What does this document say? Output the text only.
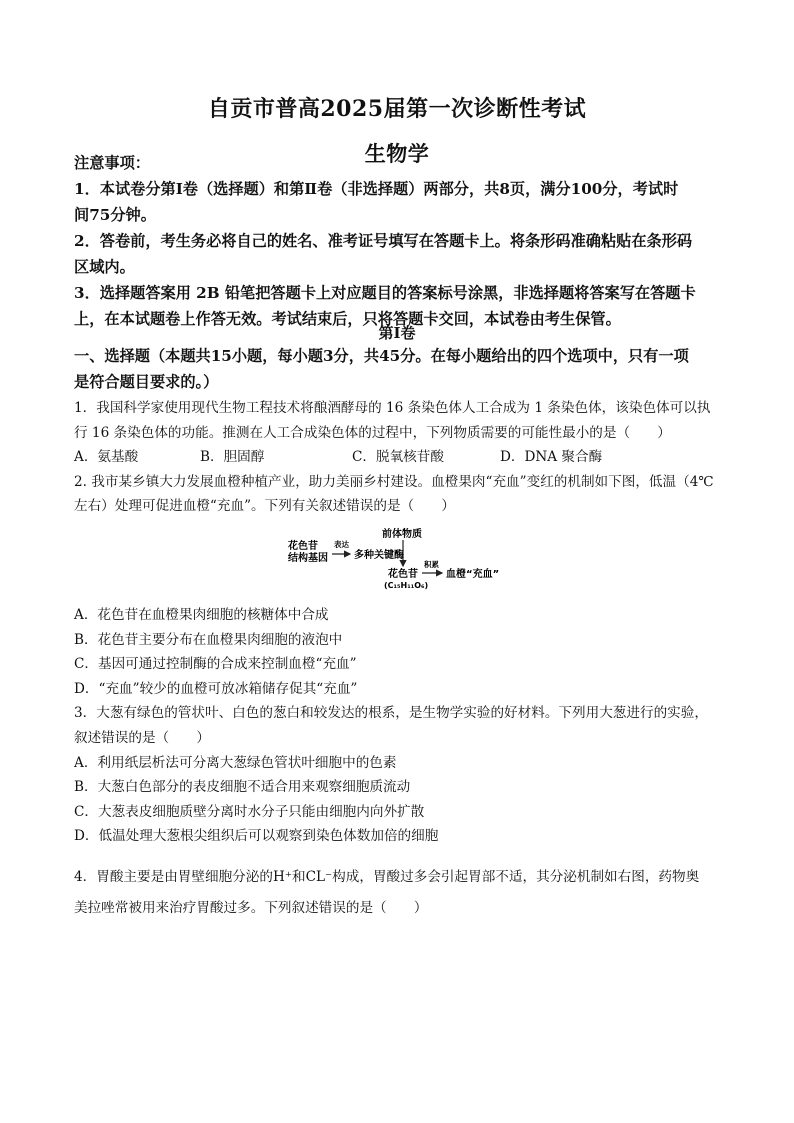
自贡市普高2025届第一次诊断性考试
生物学
注意事项：
1．本试卷分第Ⅰ卷（选择题）和第Ⅱ卷（非选择题）两部分，共8页，满分100分，考试时
间75分钟。
2．答卷前，考生务必将自己的姓名、准考证号填写在答题卡上。将条形码准确粘贴在条形码
区域内。
3．选择题答案用 2B 铅笔把答题卡上对应题目的答案标号涂黑，非选择题将答案写在答题卡
上，在本试题卷上作答无效。考试结束后，只将答题卡交回，本试卷由考生保管。
第Ⅰ卷
一、选择题（本题共15小题，每小题3分，共45分。在每小题给出的四个选项中，只有一项
是符合题目要求的。）
1．我国科学家使用现代生物工程技术将酿酒酵母的 16 条染色体人工合成为 1 条染色体，该染色体可以执
行 16 条染色体的功能。推测在人工合成染色体的过程中，下列物质需要的可能性最小的是（　　）
A．氨基酸	B．胆固醇	C．脱氧核苷酸	D．DNA 聚合酶
2. 我市某乡镇大力发展血橙种植产业，助力美丽乡村建设。血橙果肉“充血”变红的机制如下图，低温（4℃
左右）处理可促进血橙“充血”。下列有关叙述错误的是（　　）
花色苷
结构基因
表达
多种关键酶
前体物质
花色苷
(C₁₅H₁₁O₆)
积累
血橙“充血”
A．花色苷在血橙果肉细胞的核糖体中合成
B．花色苷主要分布在血橙果肉细胞的液泡中
C．基因可通过控制酶的合成来控制血橙“充血”
D．“充血”较少的血橙可放冰箱储存促其“充血”
3．大葱有绿色的管状叶、白色的葱白和较发达的根系，是生物学实验的好材料。下列用大葱进行的实验，
叙述错误的是（　　）
A．利用纸层析法可分离大葱绿色管状叶细胞中的色素
B．大葱白色部分的表皮细胞不适合用来观察细胞质流动
C．大葱表皮细胞质壁分离时水分子只能由细胞内向外扩散
D．低温处理大葱根尖组织后可以观察到染色体数加倍的细胞
4．胃酸主要是由胃壁细胞分泌的H⁺和CL⁻构成，胃酸过多会引起胃部不适，其分泌机制如右图，药物奥
美拉唑常被用来治疗胃酸过多。下列叙述错误的是（　　）
